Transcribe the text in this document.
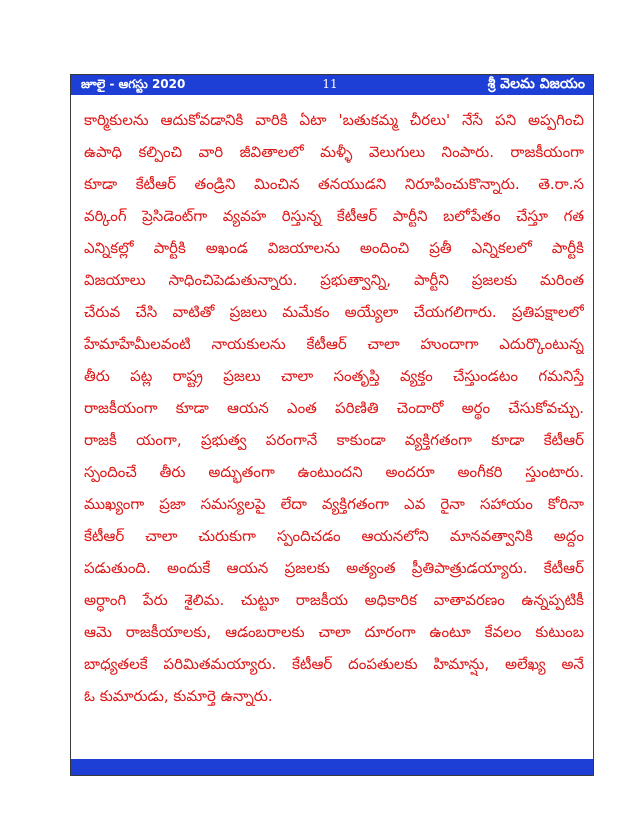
జూలై - ఆగస్టు 2020	11	శ్రీ వెలమ విజయం
కార్మికులను ఆదుకోవడానికి వారికి ఏటా 'బతుకమ్మ చీరలు' నేసే పని అప్పగించి
ఉపాధి కల్పించి వారి జీవితాలలో మళ్ళీ వెలుగులు నింపారు. రాజకీయంగా
కూడా కేటీఆర్ తండ్రిని మించిన తనయుడని నిరూపించుకొన్నారు. తె.రా.స
వర్కింగ్ ప్రెసిడెంట్‌గా వ్యవహ రిస్తున్న కేటీఆర్ పార్టీని బలోపేతం చేస్తూ గత
ఎన్నికల్లో పార్టీకి అఖండ విజయాలను అందించి ప్రతీ ఎన్నికలలో పార్టీకి
విజయాలు సాధించిపెడుతున్నారు. ప్రభుత్వాన్ని, పార్టీని ప్రజలకు మరింత
చేరువ చేసి వాటితో ప్రజలు మమేకం అయ్యేలా చేయగలిగారు. ప్రతిపక్షాలలో
హేమాహేమీలవంటి నాయకులను కేటీఆర్ చాలా హుందాగా ఎదుర్కొంటున్న
తీరు పట్ల రాష్ట్ర ప్రజలు చాలా సంతృప్తి వ్యక్తం చేస్తుండటం గమనిస్తే
రాజకీయంగా కూడా ఆయన ఎంత పరిణితి చెందారో అర్థం చేసుకోవచ్చు.
రాజకీ యంగా, ప్రభుత్వ పరంగానే కాకుండా వ్యక్తిగతంగా కూడా కేటీఆర్
స్పందించే తీరు అద్భుతంగా ఉంటుందని అందరూ అంగీకరి స్తుంటారు.
ముఖ్యంగా ప్రజా సమస్యలపై లేదా వ్యక్తిగతంగా ఎవ రైనా సహాయం కోరినా
కేటీఆర్ చాలా చురుకుగా స్పందిచడం ఆయనలోని మానవత్వానికి అద్దం
పడుతుంది. అందుకే ఆయన ప్రజలకు అత్యంత ప్రీతిపాత్రుడయ్యారు. కేటీఆర్
అర్ధాంగి పేరు శైలిమ. చుట్టూ రాజకీయ అధికారిక వాతావరణం ఉన్నప్పటికీ
ఆమె రాజకీయాలకు, ఆడంబరాలకు చాలా దూరంగా ఉంటూ కేవలం కుటుంబ
బాధ్యతలకే పరిమితమయ్యారు. కేటీఆర్ దంపతులకు హిమాన్షు, అలేఖ్య అనే
ఓ కుమారుడు, కుమార్తె ఉన్నారు.
